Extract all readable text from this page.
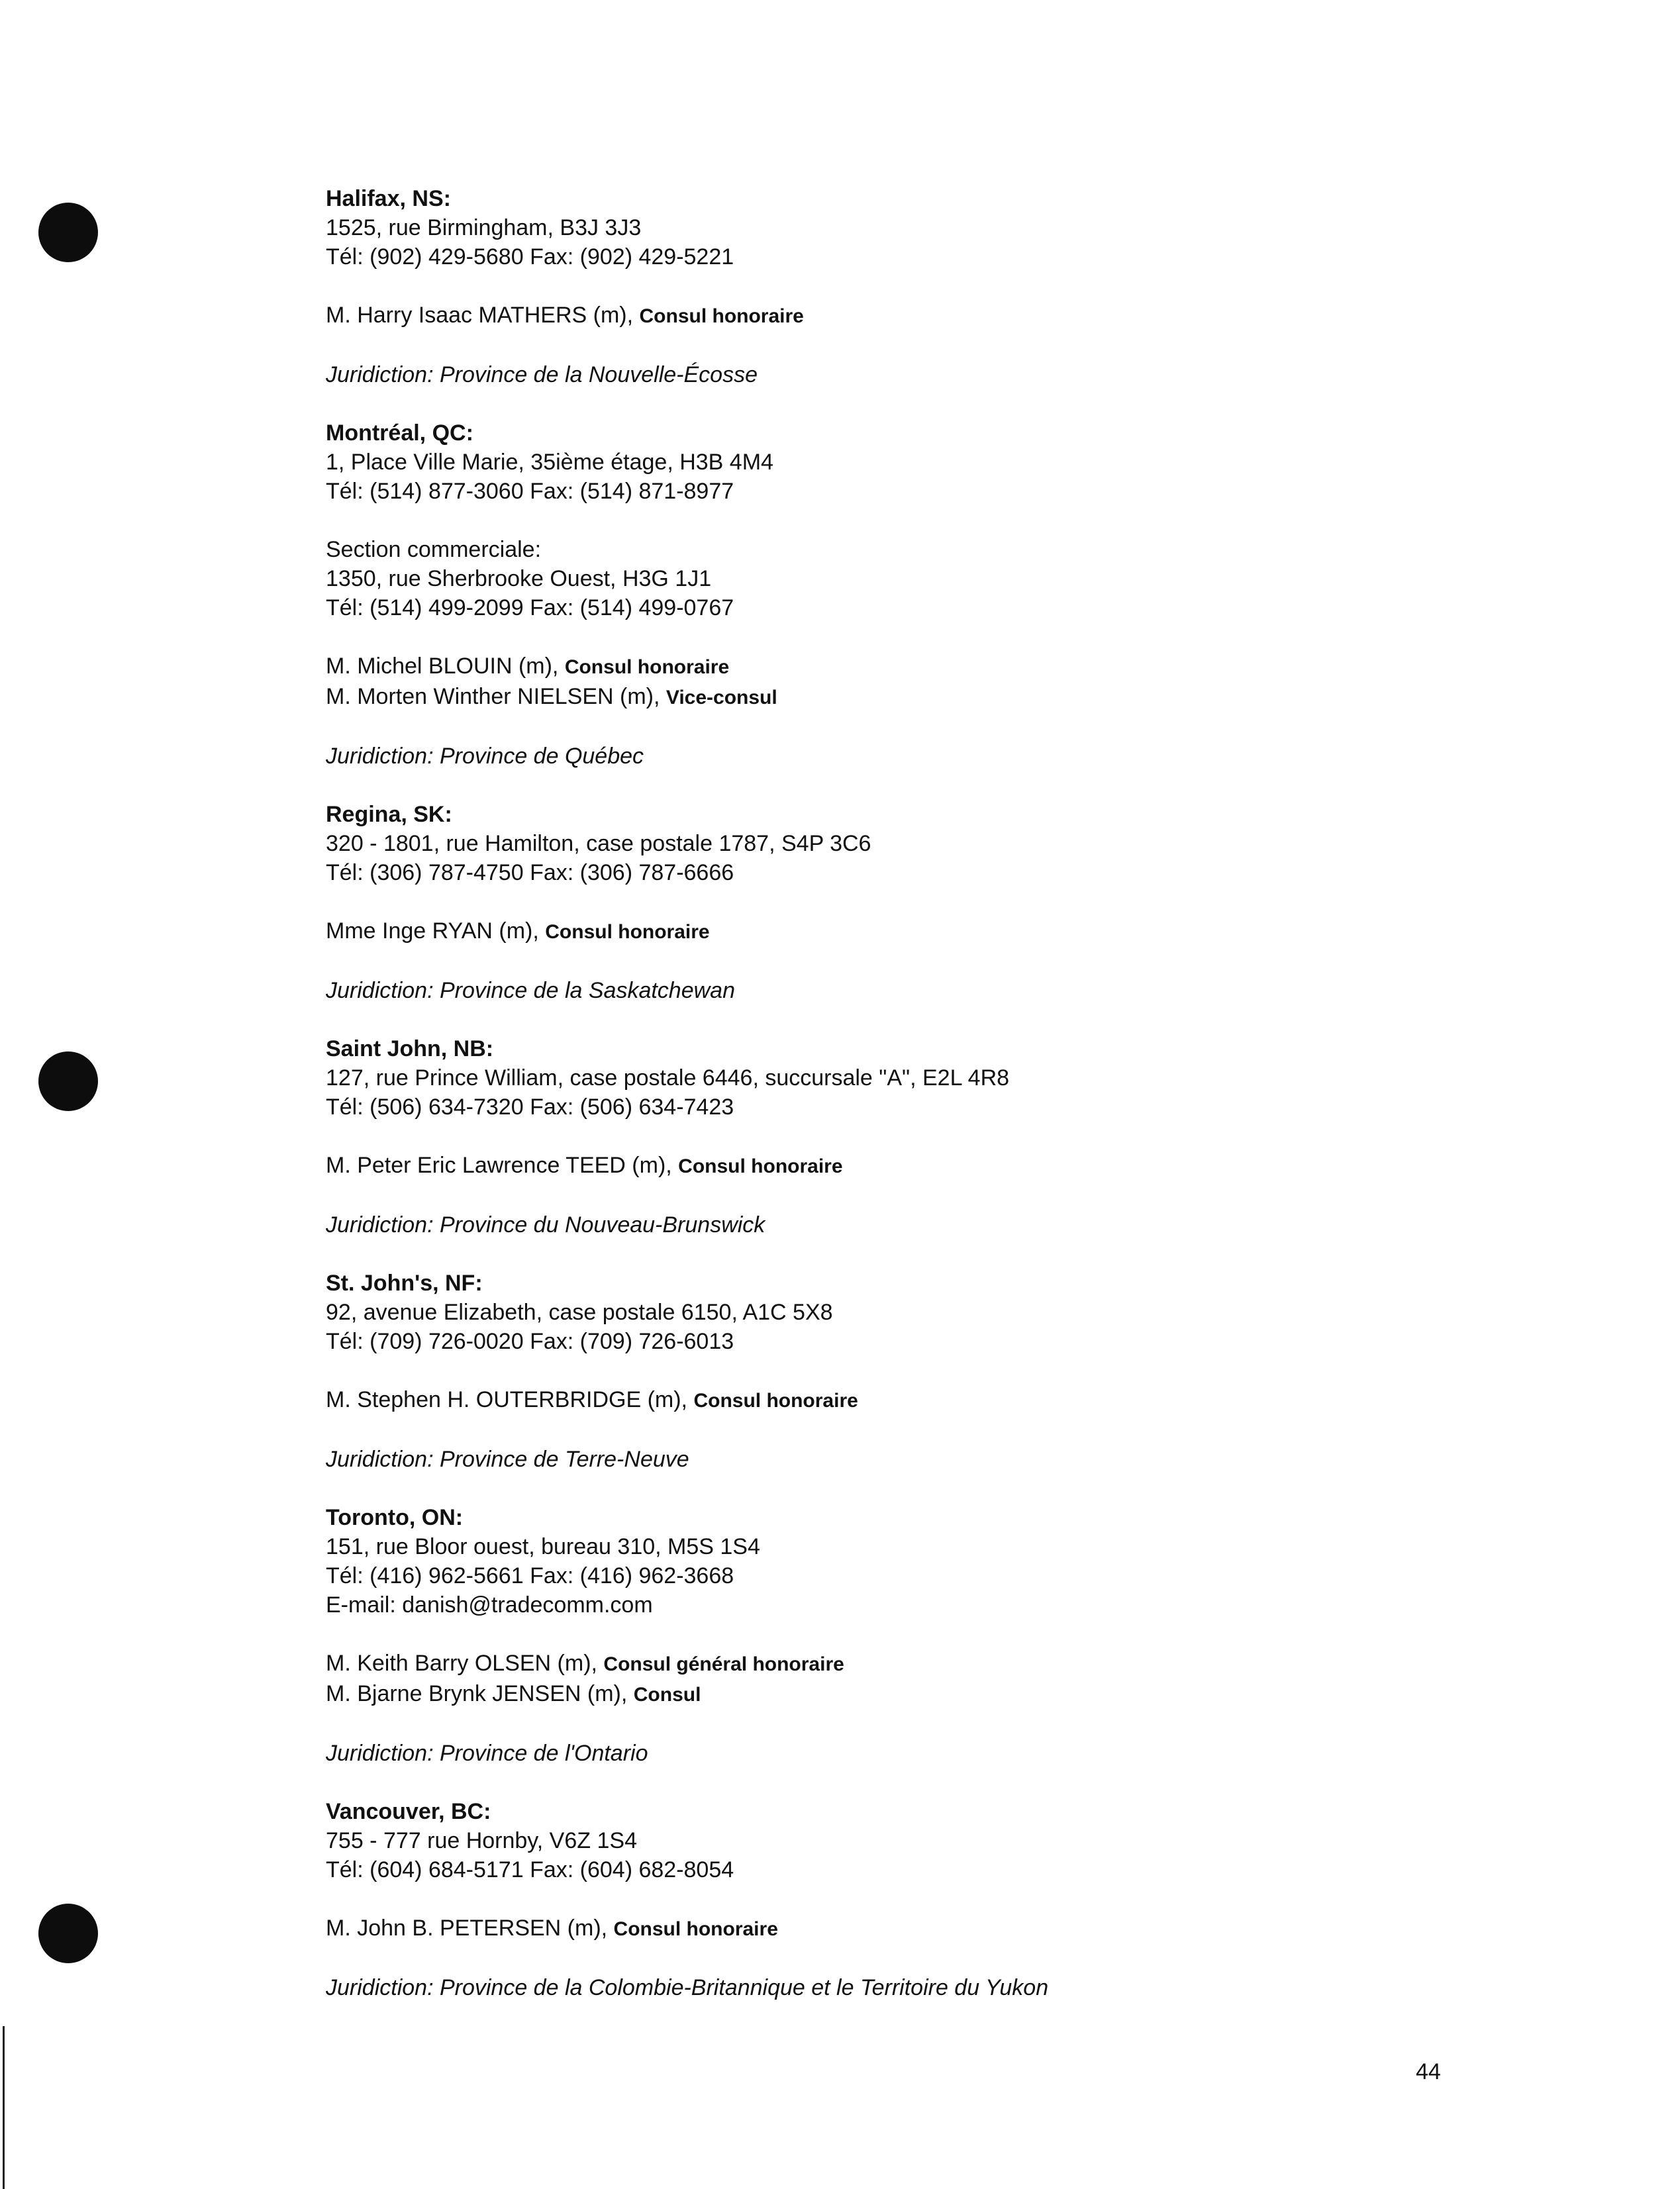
Halifax, NS:
1525, rue Birmingham, B3J 3J3
Tél: (902) 429-5680 Fax: (902) 429-5221
M. Harry Isaac MATHERS (m), Consul honoraire
Juridiction: Province de la Nouvelle-Écosse
Montréal, QC:
1, Place Ville Marie, 35ième étage, H3B 4M4
Tél: (514) 877-3060 Fax: (514) 871-8977
Section commerciale:
1350, rue Sherbrooke Ouest, H3G 1J1
Tél: (514) 499-2099 Fax: (514) 499-0767
M. Michel BLOUIN (m), Consul honoraire
M. Morten Winther NIELSEN (m), Vice-consul
Juridiction: Province de Québec
Regina, SK:
320 - 1801, rue Hamilton, case postale 1787, S4P 3C6
Tél: (306) 787-4750 Fax: (306) 787-6666
Mme Inge RYAN (m), Consul honoraire
Juridiction: Province de la Saskatchewan
Saint John, NB:
127, rue Prince William, case postale 6446, succursale "A", E2L 4R8
Tél: (506) 634-7320 Fax: (506) 634-7423
M. Peter Eric Lawrence TEED (m), Consul honoraire
Juridiction: Province du Nouveau-Brunswick
St. John's, NF:
92, avenue Elizabeth, case postale 6150, A1C 5X8
Tél: (709) 726-0020 Fax: (709) 726-6013
M. Stephen H. OUTERBRIDGE (m), Consul honoraire
Juridiction: Province de Terre-Neuve
Toronto, ON:
151, rue Bloor ouest, bureau 310, M5S 1S4
Tél: (416) 962-5661 Fax: (416) 962-3668
E-mail: danish@tradecomm.com
M. Keith Barry OLSEN (m), Consul général honoraire
M. Bjarne Brynk JENSEN (m), Consul
Juridiction: Province de l'Ontario
Vancouver, BC:
755 - 777 rue Hornby, V6Z 1S4
Tél: (604) 684-5171 Fax: (604) 682-8054
M. John B. PETERSEN (m), Consul honoraire
Juridiction: Province de la Colombie-Britannique et le Territoire du Yukon
44
